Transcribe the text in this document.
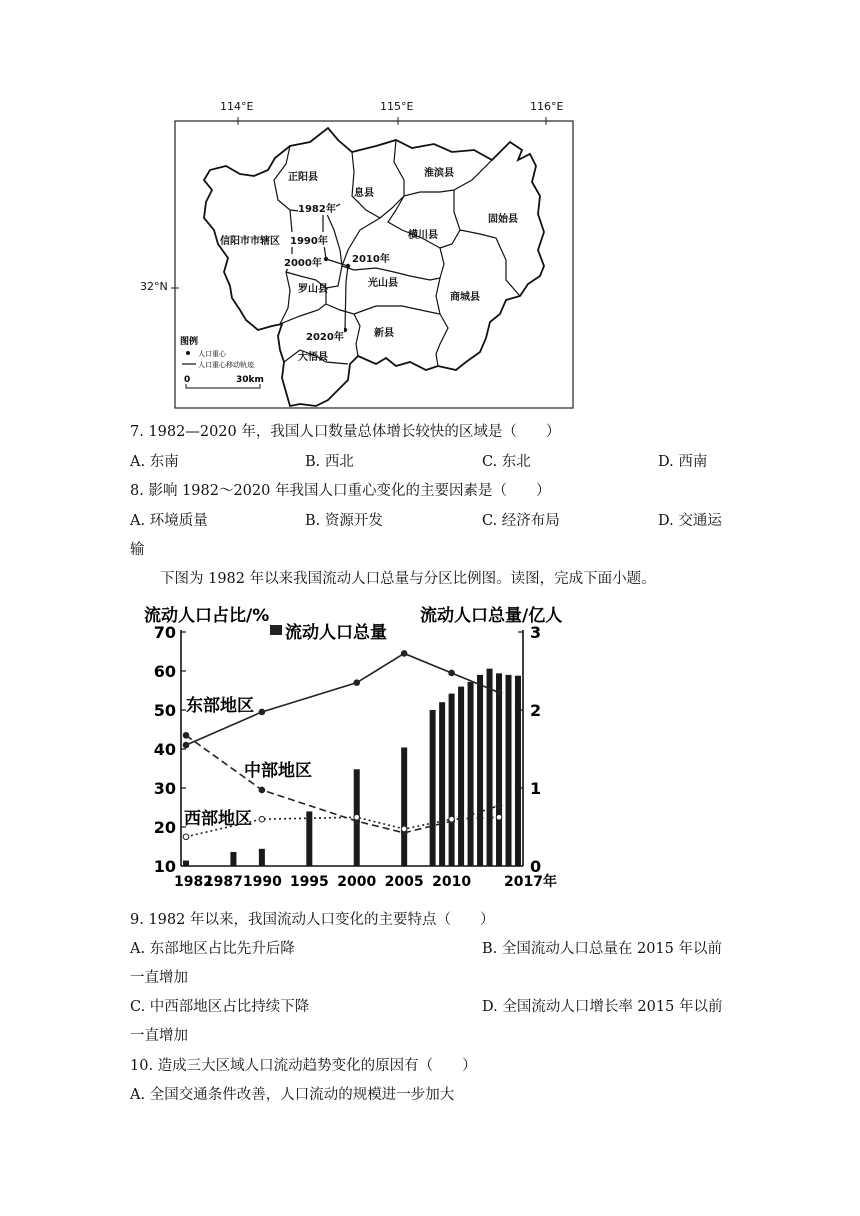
图例
人口重心
人口重心移动轨迹
0	30km
114°E	115°E	116°E
32°N
正阳县
息县
淮滨县
信阳市市辖区
横川县
固始县
罗山县
光山县
商城县
新县
大悟县
1982年
1990年
2000年	2010年
2020年
7. 1982—2020 年，我国人口数量总体增长较快的区域是（　　）
A. 东南	B. 西北	C. 东北	D. 西南
8. 影响 1982～2020 年我国人口重心变化的主要因素是（　　）
A. 环境质量	B. 资源开发	C. 经济布局	D. 交通运
输
下图为 1982 年以来我国流动人口总量与分区比例图。读图，完成下面小题。
流动人口占比/%	流动人口总量/亿人
流动人口总量
10
20
30
40
50
60
70
0
1
2
3
1982
19871990 1995 2000 2005 2010 2017年
东部地区
中部地区
西部地区
9. 1982 年以来，我国流动人口变化的主要特点（　　）
A. 东部地区占比先升后降	B. 全国流动人口总量在 2015 年以前
一直增加
C. 中西部地区占比持续下降	D. 全国流动人口增长率 2015 年以前
一直增加
10. 造成三大区域人口流动趋势变化的原因有（　　）
A. 全国交通条件改善，人口流动的规模进一步加大
